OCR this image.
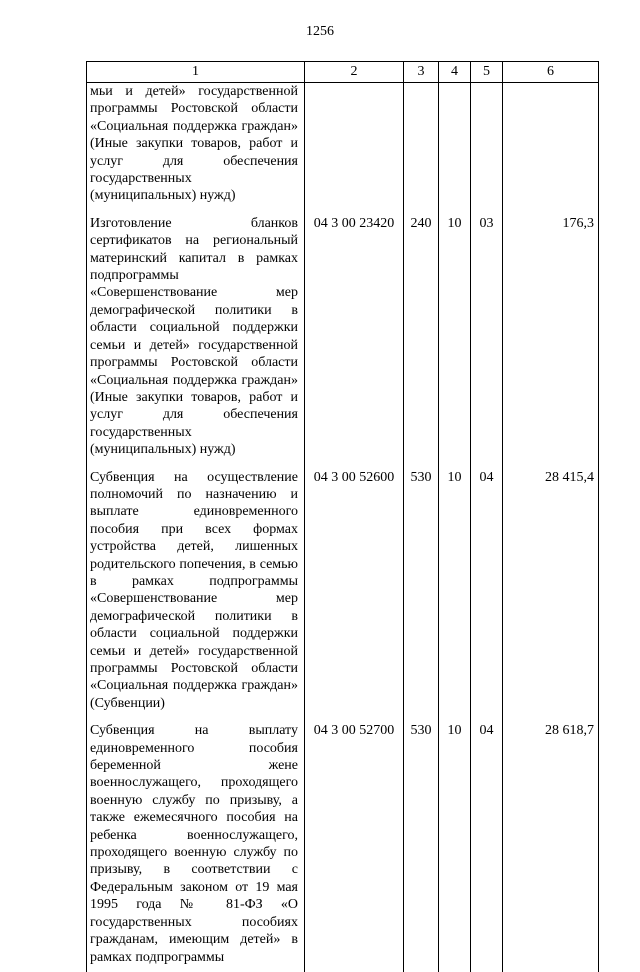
1256
1	2	3	4	5	6
мьи и детей» государственной программы Ростовской области «Социальная поддержка граждан» (Иные закупки товаров, работ и услуг для обеспечения государственных (муниципальных) нужд)					
Изготовление бланков сертификатов на региональный материнский капитал в рамках подпрограммы «Совершенствование мер демографической политики в области социальной поддержки семьи и детей» государственной программы Ростовской области «Социальная поддержка граждан» (Иные закупки товаров, работ и услуг для обеспечения государственных (муниципальных) нужд)	04 3 00 23420	240	10	03	176,3
Субвенция на осуществление полномочий по назначению и выплате единовременного пособия при всех формах устройства детей, лишенных родительского попечения, в семью в рамках подпрограммы «Совершенствование мер демографической политики в области социальной поддержки семьи и детей» государственной программы Ростовской области «Социальная поддержка граждан» (Субвенции)	04 3 00 52600	530	10	04	28 415,4
Субвенция на выплату единовременного пособия беременной жене военнослужащего, проходящего военную службу по призыву, а также ежемесячного пособия на ребенка военнослужащего, проходящего военную службу по призыву, в соответствии с Федеральным законом от 19 мая 1995 года № 81-ФЗ «О государственных пособиях гражданам, имеющим детей» в рамках подпрограммы	04 3 00 52700	530	10	04	28 618,7
